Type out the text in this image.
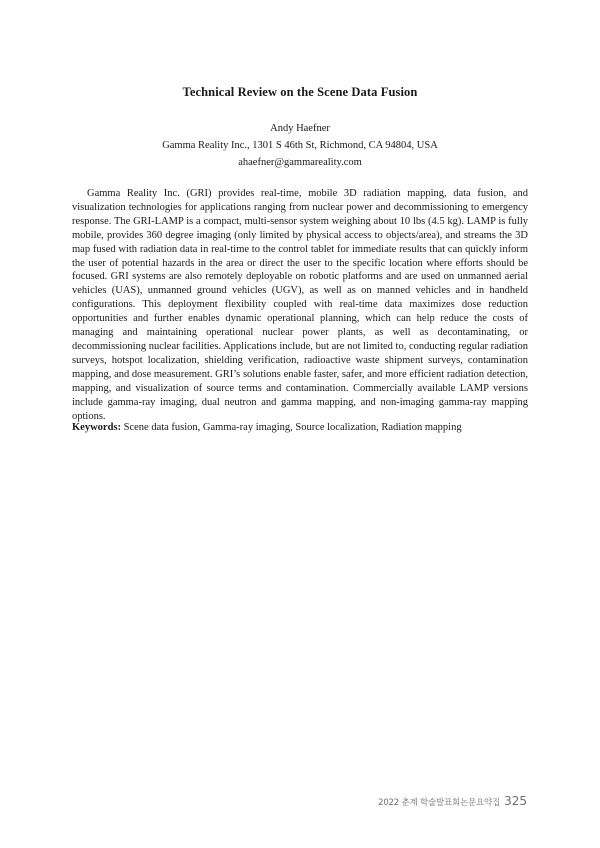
Technical Review on the Scene Data Fusion
Andy Haefner
Gamma Reality Inc., 1301 S 46th St, Richmond, CA 94804, USA
ahaefner@gammareality.com

Gamma Reality Inc. (GRI) provides real-time, mobile 3D radiation mapping, data fusion, and visualization technologies for applications ranging from nuclear power and decommissioning to emergency response. The GRI-LAMP is a compact, multi-sensor system weighing about 10 lbs (4.5 kg). LAMP is fully mobile, provides 360 degree imaging (only limited by physical access to objects/area), and streams the 3D map fused with radiation data in real-time to the control tablet for immediate results that can quickly inform the user of potential hazards in the area or direct the user to the specific location where efforts should be focused. GRI systems are also remotely deployable on robotic platforms and are used on unmanned aerial vehicles (UAS), unmanned ground vehicles (UGV), as well as on manned vehicles and in handheld configurations. This deployment flexibility coupled with real-time data maximizes dose reduction opportunities and further enables dynamic operational planning, which can help reduce the costs of managing and maintaining operational nuclear power plants, as well as decontaminating, or decommissioning nuclear facilities. Applications include, but are not limited to, conducting regular radiation surveys, hotspot localization, shielding verification, radioactive waste shipment surveys, contamination mapping, and dose measurement. GRI’s solutions enable faster, safer, and more efficient radiation detection, mapping, and visualization of source terms and contamination. Commercially available LAMP versions include gamma-ray imaging, dual neutron and gamma mapping, and non-imaging gamma-ray mapping options.

Keywords: Scene data fusion, Gamma-ray imaging, Source localization, Radiation mapping

2022 춘계 학술발표회논문요약집 325
